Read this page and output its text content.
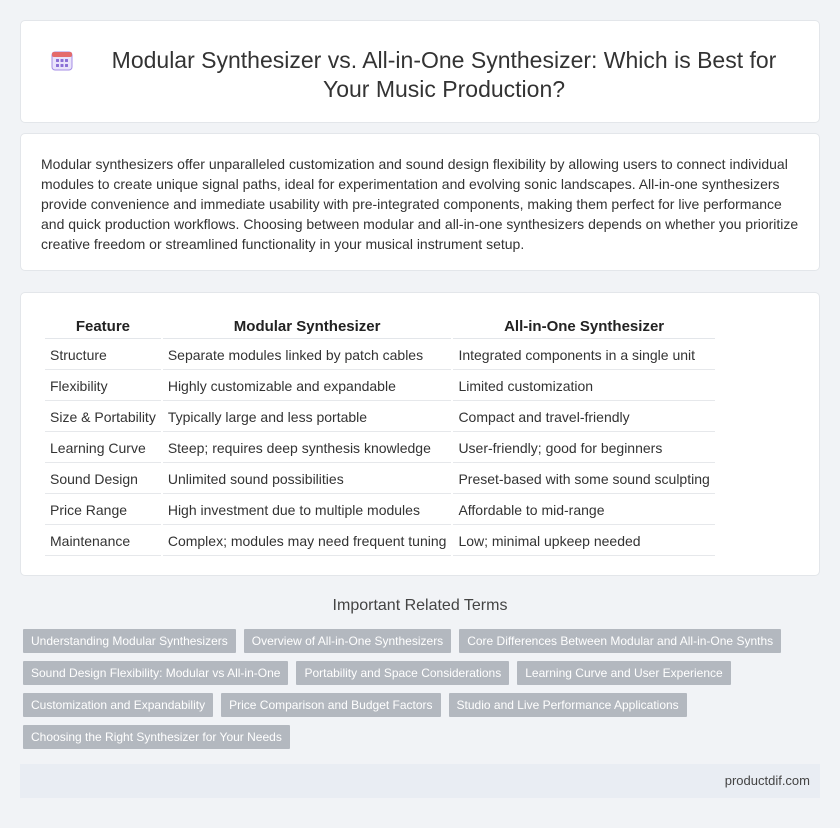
Modular Synthesizer vs. All-in-One Synthesizer: Which is Best for Your Music Production?

Modular synthesizers offer unparalleled customization and sound design flexibility by allowing users to connect individual modules to create unique signal paths, ideal for experimentation and evolving sonic landscapes. All-in-one synthesizers provide convenience and immediate usability with pre-integrated components, making them perfect for live performance and quick production workflows. Choosing between modular and all-in-one synthesizers depends on whether you prioritize creative freedom or streamlined functionality in your musical instrument setup.

Feature	Modular Synthesizer	All-in-One Synthesizer
Structure	Separate modules linked by patch cables	Integrated components in a single unit
Flexibility	Highly customizable and expandable	Limited customization
Size & Portability	Typically large and less portable	Compact and travel-friendly
Learning Curve	Steep; requires deep synthesis knowledge	User-friendly; good for beginners
Sound Design	Unlimited sound possibilities	Preset-based with some sound sculpting
Price Range	High investment due to multiple modules	Affordable to mid-range
Maintenance	Complex; modules may need frequent tuning	Low; minimal upkeep needed
Important Related Terms
Understanding Modular Synthesizers	Overview of All-in-One Synthesizers	Core Differences Between Modular and All-in-One Synths
Sound Design Flexibility: Modular vs All-in-One	Portability and Space Considerations	Learning Curve and User Experience
Customization and Expandability	Price Comparison and Budget Factors	Studio and Live Performance Applications
Choosing the Right Synthesizer for Your Needs
productdif.com
